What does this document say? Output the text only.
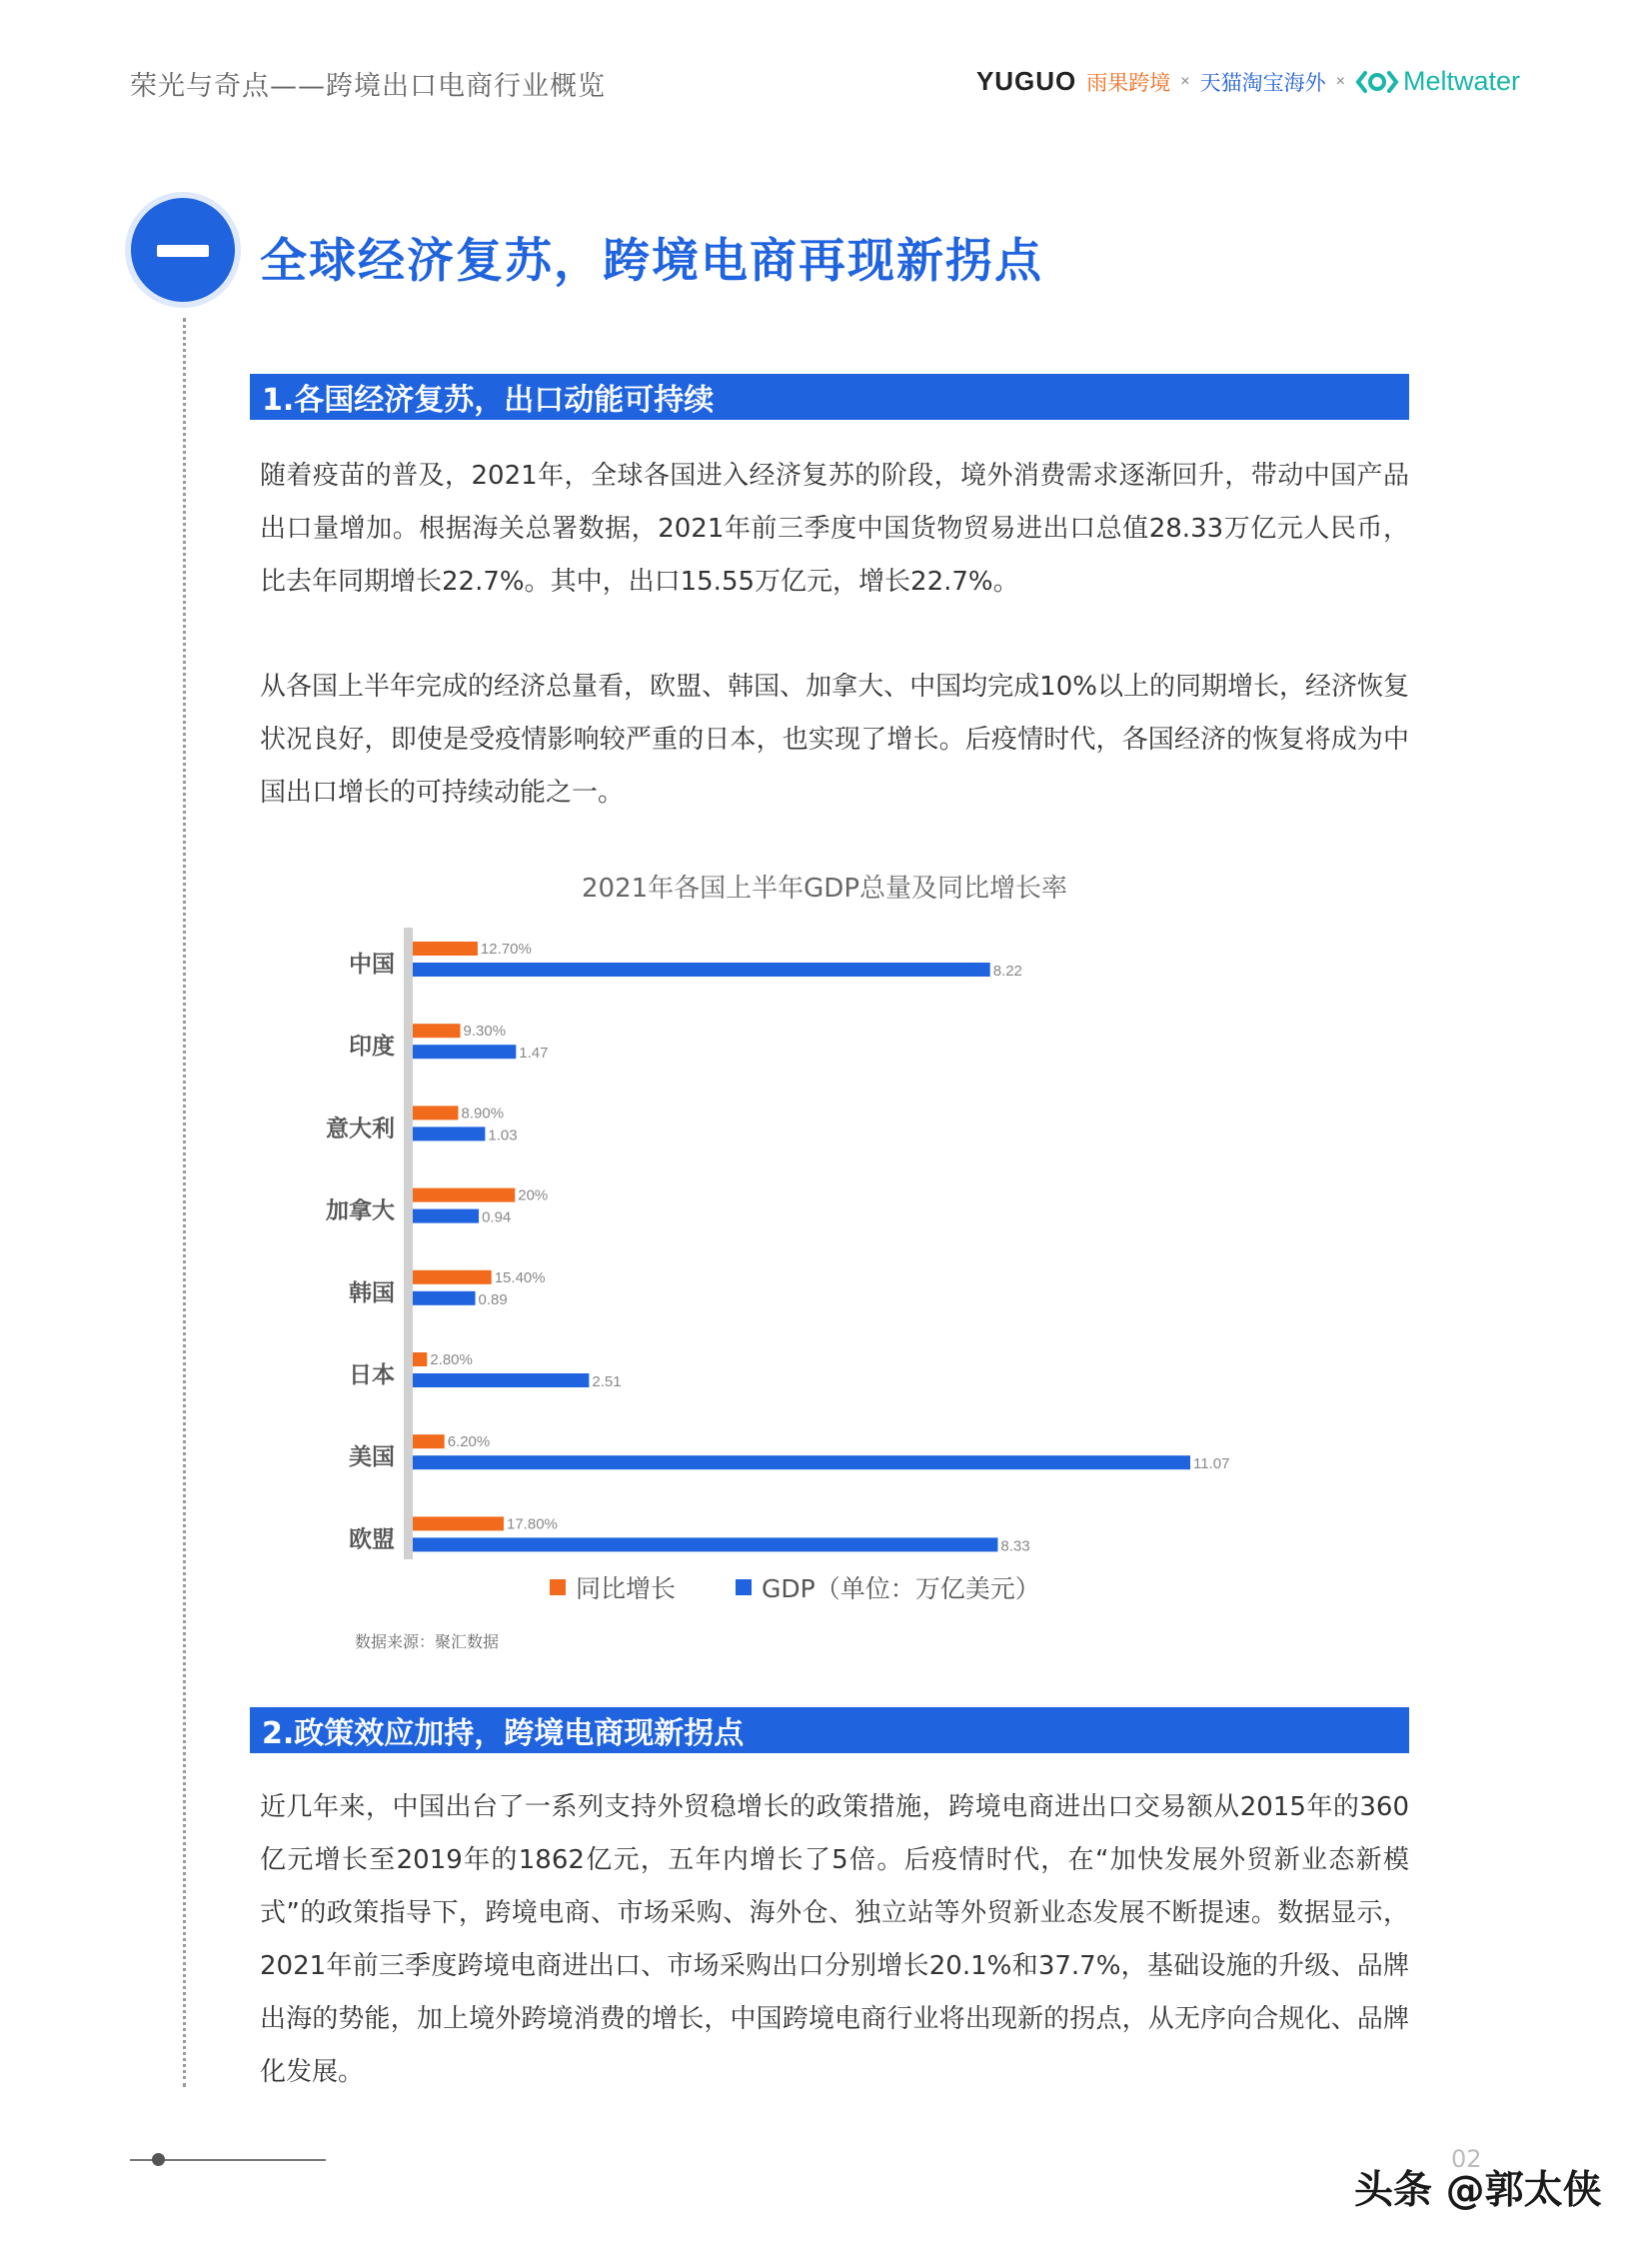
荣光与奇点——跨境出口电商行业概览	YUGUO 雨果跨境 × 天猫淘宝海外 × Meltwater
全球经济复苏，跨境电商再现新拐点
1.各国经济复苏，出口动能可持续

随着疫苗的普及，2021年，全球各国进入经济复苏的阶段，境外消费需求逐渐回升，带动中国产品出口量增加。根据海关总署数据，2021年前三季度中国货物贸易进出口总值28.33万亿元人民币，比去年同期增长22.7%。其中，出口15.55万亿元，增长22.7%。

从各国上半年完成的经济总量看，欧盟、韩国、加拿大、中国均完成10%以上的同期增长，经济恢复状况良好，即使是受疫情影响较严重的日本，也实现了增长。后疫情时代，各国经济的恢复将成为中国出口增长的可持续动能之一。

2021年各国上半年GDP总量及同比增长率
中国
12.70%
8.22
印度
9.30%
1.47
意大利
8.90%
1.03
加拿大
20%
0.94
韩国
15.40%
0.89
日本
2.80%
2.51
美国
6.20%
11.07
欧盟
17.80%
8.33
同比增长	GDP（单位：万亿美元）
数据来源：聚汇数据
2.政策效应加持，跨境电商现新拐点

近几年来，中国出台了一系列支持外贸稳增长的政策措施，跨境电商进出口交易额从2015年的360亿元增长至2019年的1862亿元，五年内增长了5倍。后疫情时代，在“加快发展外贸新业态新模式”的政策指导下，跨境电商、市场采购、海外仓、独立站等外贸新业态发展不断提速。数据显示，2021年前三季度跨境电商进出口、市场采购出口分别增长20.1%和37.7%，基础设施的升级、品牌出海的势能，加上境外跨境消费的增长，中国跨境电商行业将出现新的拐点，从无序向合规化、品牌化发展。

02
头条 @郭太侠
